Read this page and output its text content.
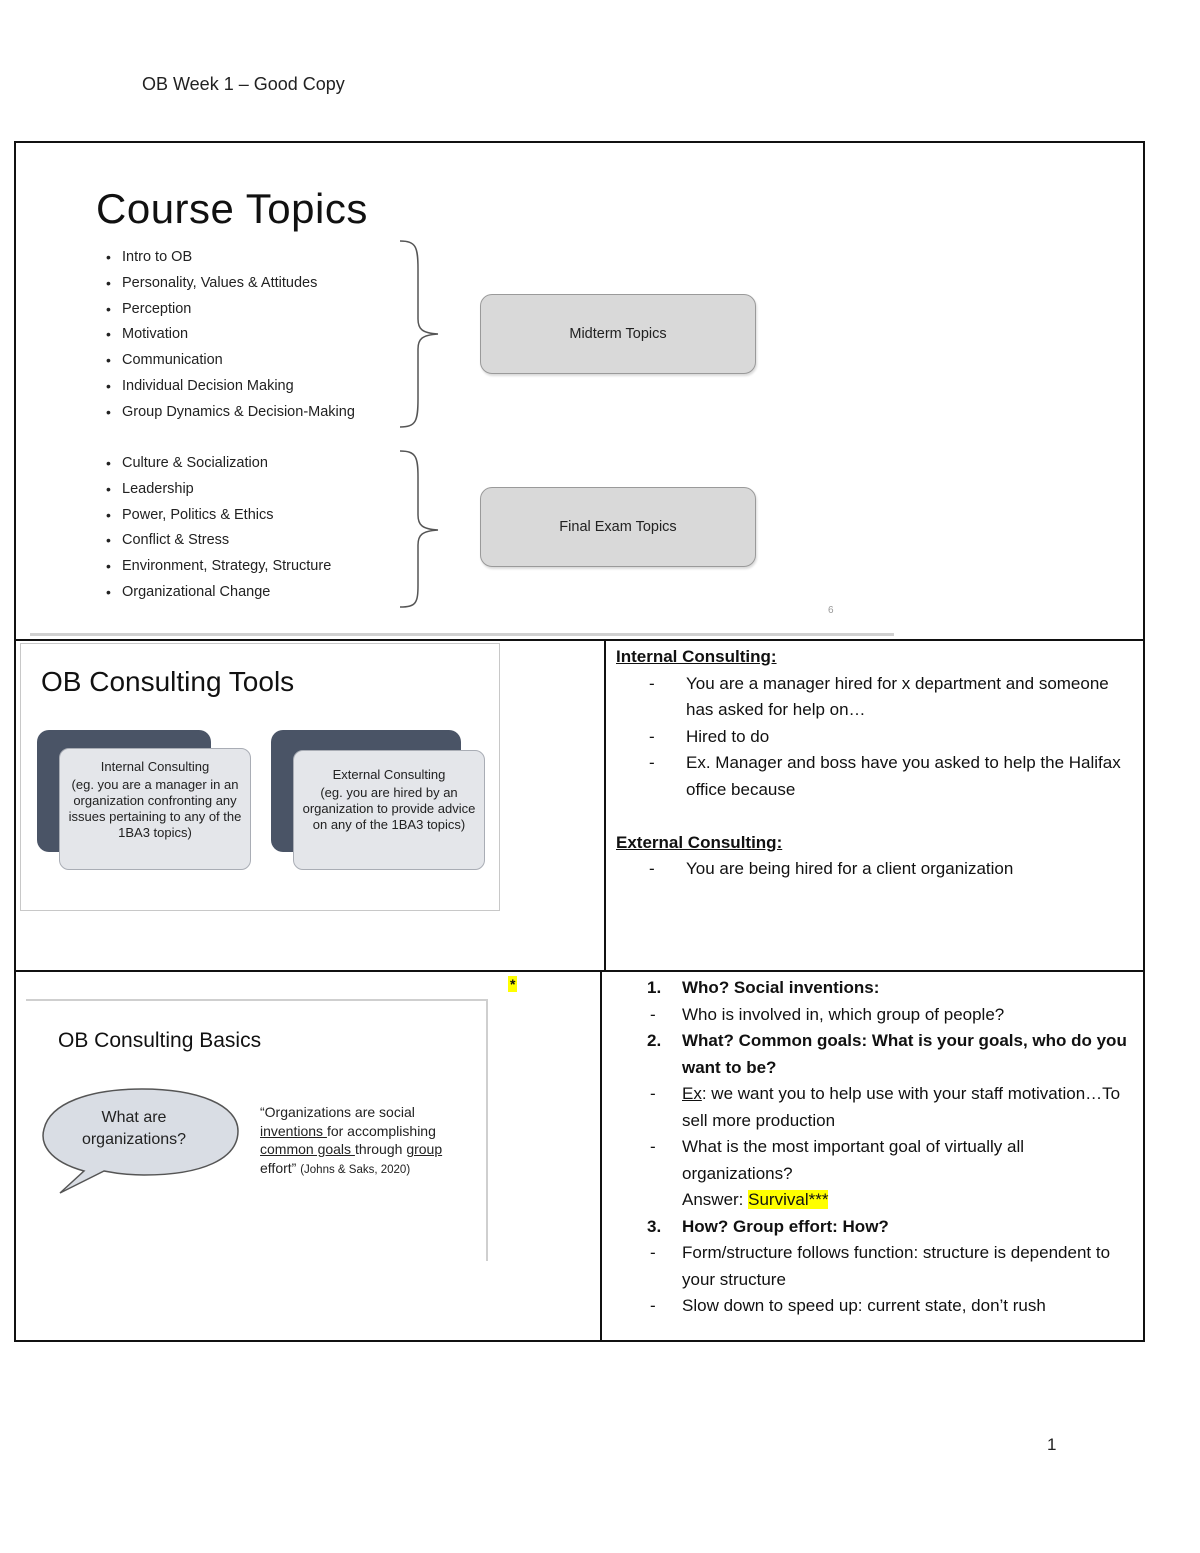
OB Week 1 – Good Copy
Course Topics
• Intro to OB
• Personality, Values & Attitudes
• Perception
• Motivation
• Communication
• Individual Decision Making
• Group Dynamics & Decision-Making
• Culture & Socialization
• Leadership
• Power, Politics & Ethics
• Conflict & Stress
• Environment, Strategy, Structure
• Organizational Change
Midterm Topics
Final Exam Topics
6
OB Consulting Tools
Internal Consulting
(eg. you are a manager in an organization confronting any issues pertaining to any of the 1BA3 topics)
External Consulting
(eg. you are hired by an organization to provide advice on any of the 1BA3 topics)
Internal Consulting:
- You are a manager hired for x department and someone has asked for help on…
- Hired to do
- Ex. Manager and boss have you asked to help the Halifax office because
External Consulting:
- You are being hired for a client organization
OB Consulting Basics
What are organizations?
“Organizations are social inventions for accomplishing common goals through group effort” (Johns & Saks, 2020)
*	1. Who? Social inventions:
- Who is involved in, which group of people?
2. What? Common goals: What is your goals, who do you want to be?
- Ex: we want you to help use with your staff motivation…To sell more production
- What is the most important goal of virtually all organizations?
Answer: Survival***
3. How? Group effort: How?
- Form/structure follows function: structure is dependent to your structure
- Slow down to speed up: current state, don’t rush
1
